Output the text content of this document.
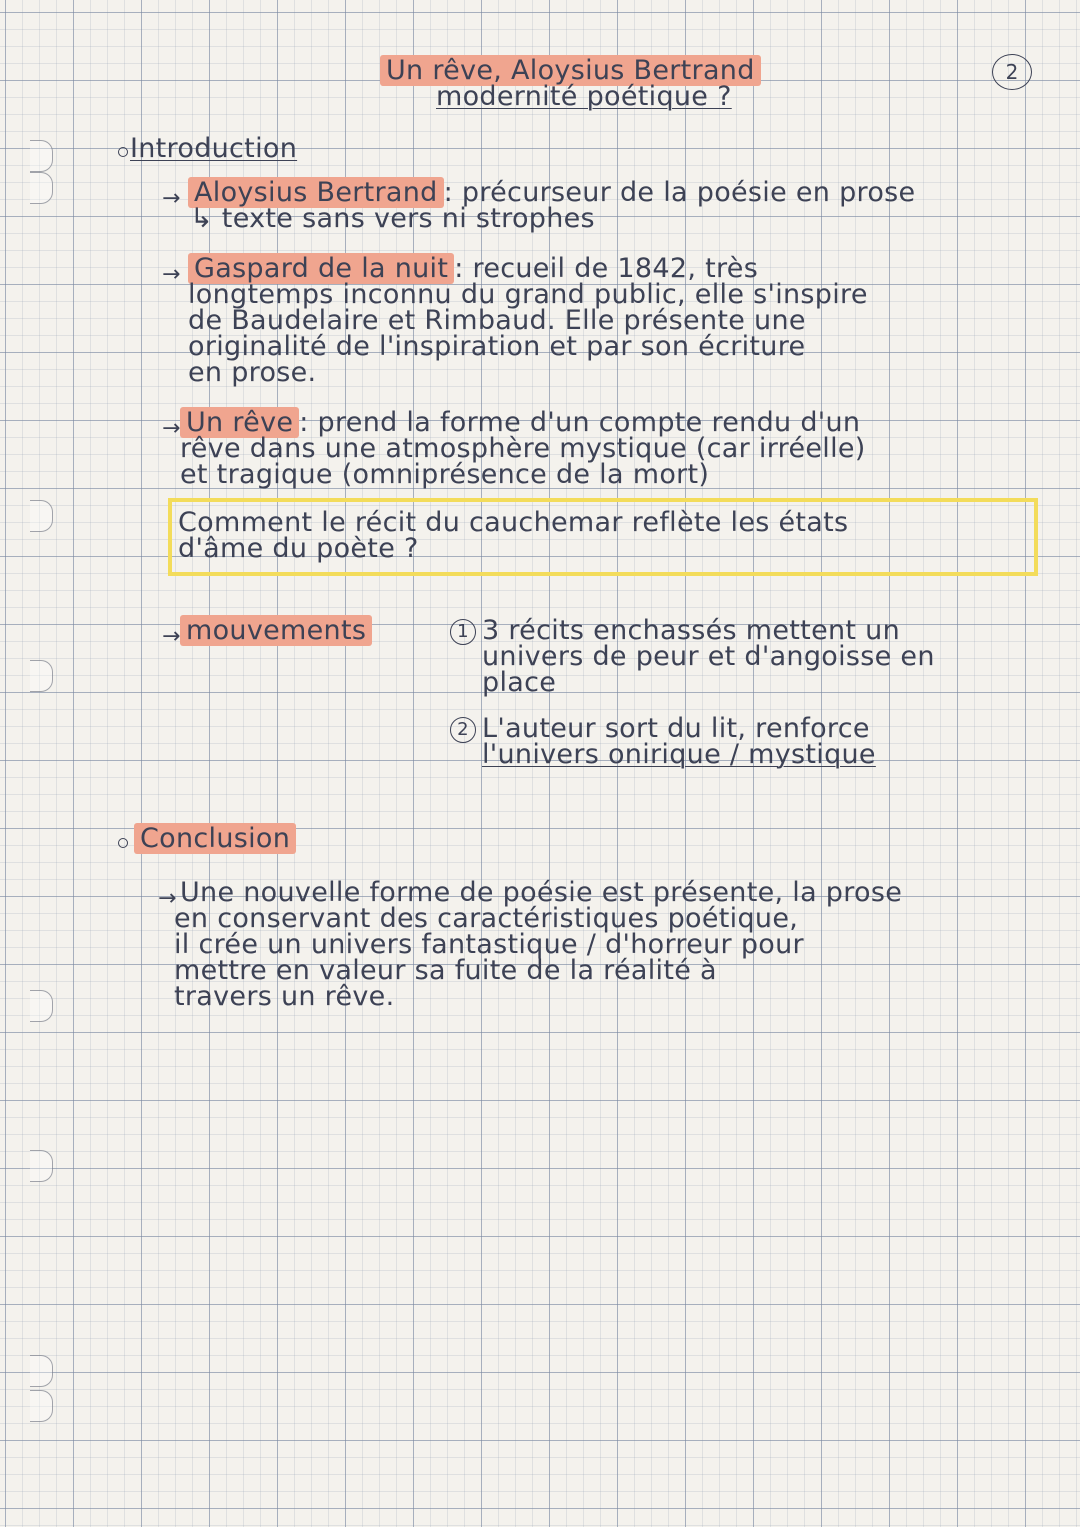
2
Un rêve, Aloysius Bertrand
modernité poétique ?
Introduction
→ Aloysius Bertrand : précurseur de la poésie en prose
↳ texte sans vers ni strophes
→ Gaspard de la nuit : recueil de 1842, très
longtemps inconnu du grand public, elle s'inspire
de Baudelaire et Rimbaud. Elle présente une
originalité de l'inspiration et par son écriture
en prose.
→ Un rêve : prend la forme d'un compte rendu d'un
rêve dans une atmosphère mystique (car irréelle)
et tragique (omniprésence de la mort)
Comment le récit du cauchemar reflète les états
d'âme du poète ?
→ mouvements	1 3 récits enchassés mettent un
univers de peur et d'angoisse en
place
2 L'auteur sort du lit, renforce
l'univers onirique / mystique
Conclusion
→ Une nouvelle forme de poésie est présente, la prose
en conservant des caractéristiques poétique,
il crée un univers fantastique / d'horreur pour
mettre en valeur sa fuite de la réalité à
travers un rêve.
